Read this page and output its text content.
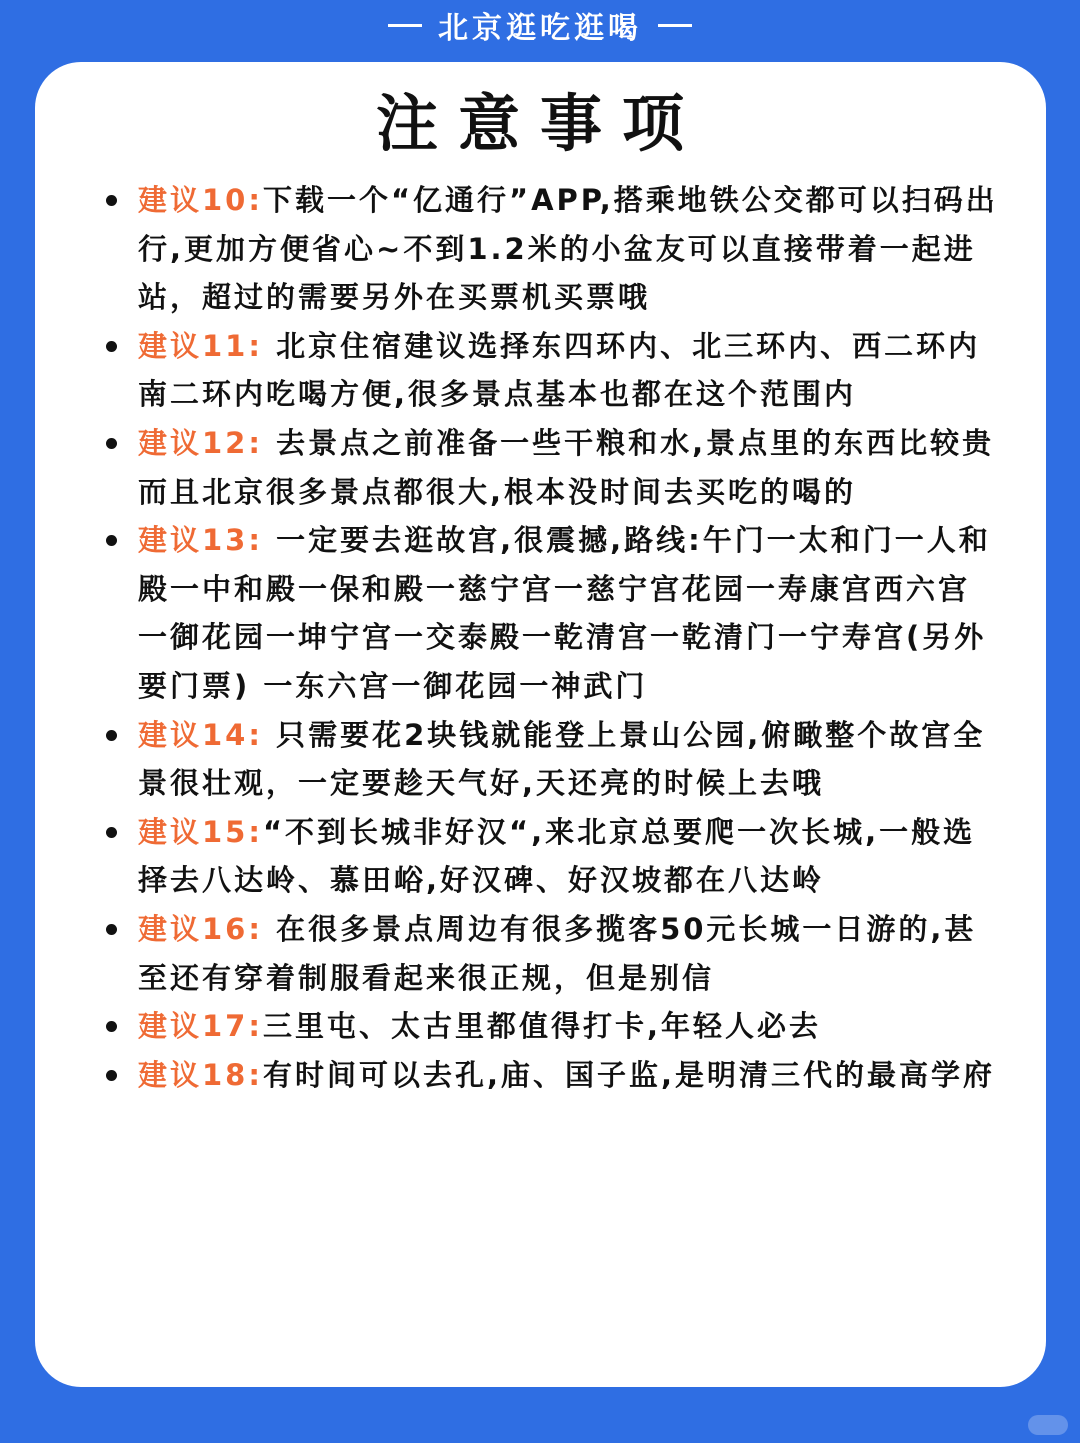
北京逛吃逛喝
注意事项
建议10:下载一个“亿通行”APP,搭乘地铁公交都可以扫码出行,更加方便省心~不到1.2米的小盆友可以直接带着一起进站，超过的需要另外在买票机买票哦
建议11: 北京住宿建议选择东四环内、北三环内、西二环内南二环内吃喝方便,很多景点基本也都在这个范围内
建议12: 去景点之前准备一些干粮和水,景点里的东西比较贵而且北京很多景点都很大,根本没时间去买吃的喝的
建议13: 一定要去逛故宫,很震撼,路线:午门一太和门一人和殿一中和殿一保和殿一慈宁宫一慈宁宫花园一寿康宫西六宫一御花园一坤宁宫一交泰殿一乾清宫一乾清门一宁寿宫(另外要门票) 一东六宫一御花园一神武门
建议14: 只需要花2块钱就能登上景山公园,俯瞰整个故宫全景很壮观，一定要趁天气好,天还亮的时候上去哦
建议15:“不到长城非好汉“,来北京总要爬一次长城,一般选择去八达岭、慕田峪,好汉碑、好汉坡都在八达岭
建议16: 在很多景点周边有很多揽客50元长城一日游的,甚至还有穿着制服看起来很正规，但是别信
建议17:三里屯、太古里都值得打卡,年轻人必去
建议18:有时间可以去孔,庙、国子监,是明清三代的最高学府
